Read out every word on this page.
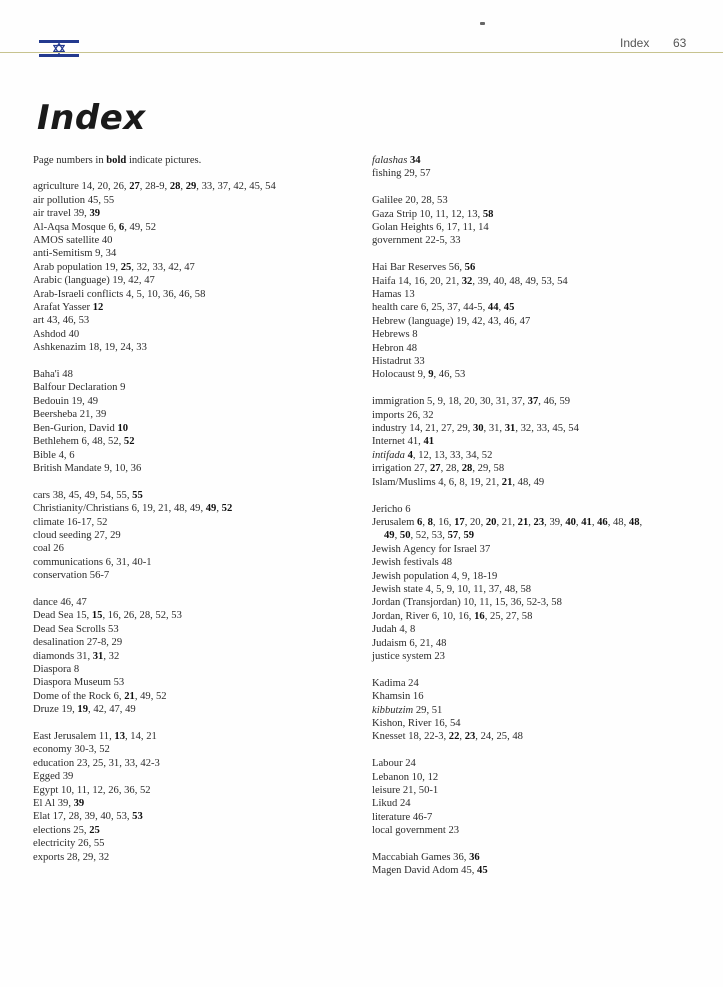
Index 63
Index
Page numbers in bold indicate pictures.
agriculture 14, 20, 26, 27, 28-9, 28, 29, 33, 37, 42, 45, 54
air pollution 45, 55
air travel 39, 39
Al-Aqsa Mosque 6, 6, 49, 52
AMOS satellite 40
anti-Semitism 9, 34
Arab population 19, 25, 32, 33, 42, 47
Arabic (language) 19, 42, 47
Arab-Israeli conflicts 4, 5, 10, 36, 46, 58
Arafat Yasser 12
art 43, 46, 53
Ashdod 40
Ashkenazim 18, 19, 24, 33
Baha'i 48
Balfour Declaration 9
Bedouin 19, 49
Beersheba 21, 39
Ben-Gurion, David 10
Bethlehem 6, 48, 52, 52
Bible 4, 6
British Mandate 9, 10, 36
cars 38, 45, 49, 54, 55, 55
Christianity/Christians 6, 19, 21, 48, 49, 49, 52
climate 16-17, 52
cloud seeding 27, 29
coal 26
communications 6, 31, 40-1
conservation 56-7
dance 46, 47
Dead Sea 15, 15, 16, 26, 28, 52, 53
Dead Sea Scrolls 53
desalination 27-8, 29
diamonds 31, 31, 32
Diaspora 8
Diaspora Museum 53
Dome of the Rock 6, 21, 49, 52
Druze 19, 19, 42, 47, 49
East Jerusalem 11, 13, 14, 21
economy 30-3, 52
education 23, 25, 31, 33, 42-3
Egged 39
Egypt 10, 11, 12, 26, 36, 52
El Al 39, 39
Elat 17, 28, 39, 40, 53, 53
elections 25, 25
electricity 26, 55
exports 28, 29, 32
falashas 34
fishing 29, 57
Galilee 20, 28, 53
Gaza Strip 10, 11, 12, 13, 58
Golan Heights 6, 17, 11, 14
government 22-5, 33
Hai Bar Reserves 56, 56
Haifa 14, 16, 20, 21, 32, 39, 40, 48, 49, 53, 54
Hamas 13
health care 6, 25, 37, 44-5, 44, 45
Hebrew (language) 19, 42, 43, 46, 47
Hebrews 8
Hebron 48
Histadrut 33
Holocaust 9, 9, 46, 53
immigration 5, 9, 18, 20, 30, 31, 37, 37, 46, 59
imports 26, 32
industry 14, 21, 27, 29, 30, 31, 31, 32, 33, 45, 54
Internet 41, 41
intifada 4, 12, 13, 33, 34, 52
irrigation 27, 27, 28, 28, 29, 58
Islam/Muslims 4, 6, 8, 19, 21, 21, 48, 49
Jericho 6
Jerusalem 6, 8, 16, 17, 20, 20, 21, 21, 23, 39, 40, 41, 46, 48, 48,
49, 50, 52, 53, 57, 59
Jewish Agency for Israel 37
Jewish festivals 48
Jewish population 4, 9, 18-19
Jewish state 4, 5, 9, 10, 11, 37, 48, 58
Jordan (Transjordan) 10, 11, 15, 36, 52-3, 58
Jordan, River 6, 10, 16, 16, 25, 27, 58
Judah 4, 8
Judaism 6, 21, 48
justice system 23
Kadima 24
Khamsin 16
kibbutzim 29, 51
Kishon, River 16, 54
Knesset 18, 22-3, 22, 23, 24, 25, 48
Labour 24
Lebanon 10, 12
leisure 21, 50-1
Likud 24
literature 46-7
local government 23
Maccabiah Games 36, 36
Magen David Adom 45, 45
